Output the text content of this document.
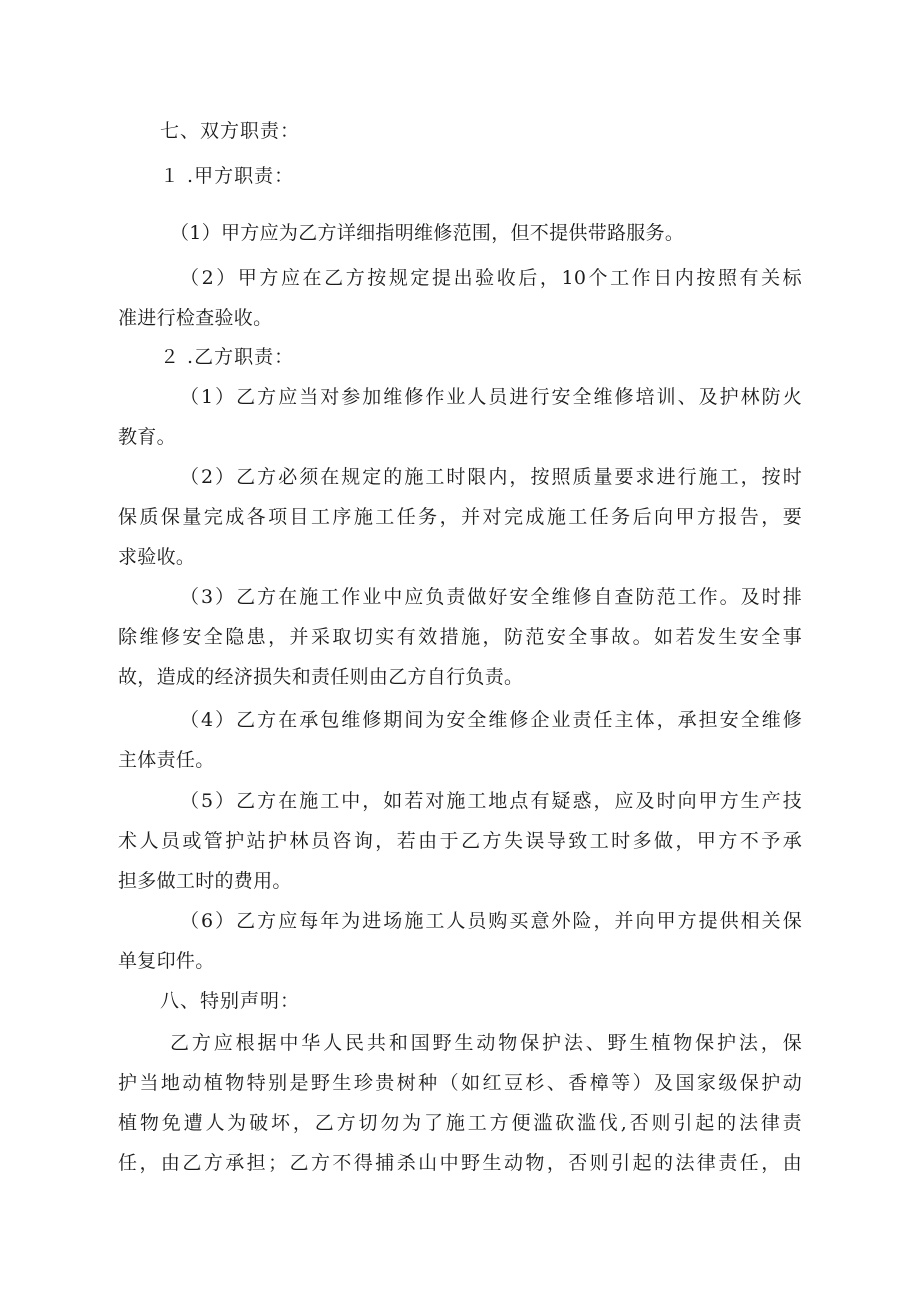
七、双方职责：
１ .甲方职责：
（1）甲方应为乙方详细指明维修范围，但不提供带路服务。
（2）甲方应在乙方按规定提出验收后，10个工作日内按照有关标
准进行检查验收。
２ .乙方职责：
（1）乙方应当对参加维修作业人员进行安全维修培训、及护林防火
教育。
（2）乙方必须在规定的施工时限内，按照质量要求进行施工，按时
保质保量完成各项目工序施工任务，并对完成施工任务后向甲方报告，要
求验收。
（3）乙方在施工作业中应负责做好安全维修自查防范工作。及时排
除维修安全隐患，并采取切实有效措施，防范安全事故。如若发生安全事
故，造成的经济损失和责任则由乙方自行负责。
（4）乙方在承包维修期间为安全维修企业责任主体，承担安全维修
主体责任。
（5）乙方在施工中，如若对施工地点有疑惑，应及时向甲方生产技
术人员或管护站护林员咨询，若由于乙方失误导致工时多做，甲方不予承
担多做工时的费用。
（6）乙方应每年为进场施工人员购买意外险，并向甲方提供相关保
单复印件。
八、特别声明：
乙方应根据中华人民共和国野生动物保护法、野生植物保护法，保
护当地动植物特别是野生珍贵树种（如红豆杉、香樟等）及国家级保护动
植物免遭人为破坏，乙方切勿为了施工方便滥砍滥伐,否则引起的法律责
任，由乙方承担；乙方不得捕杀山中野生动物，否则引起的法律责任，由
